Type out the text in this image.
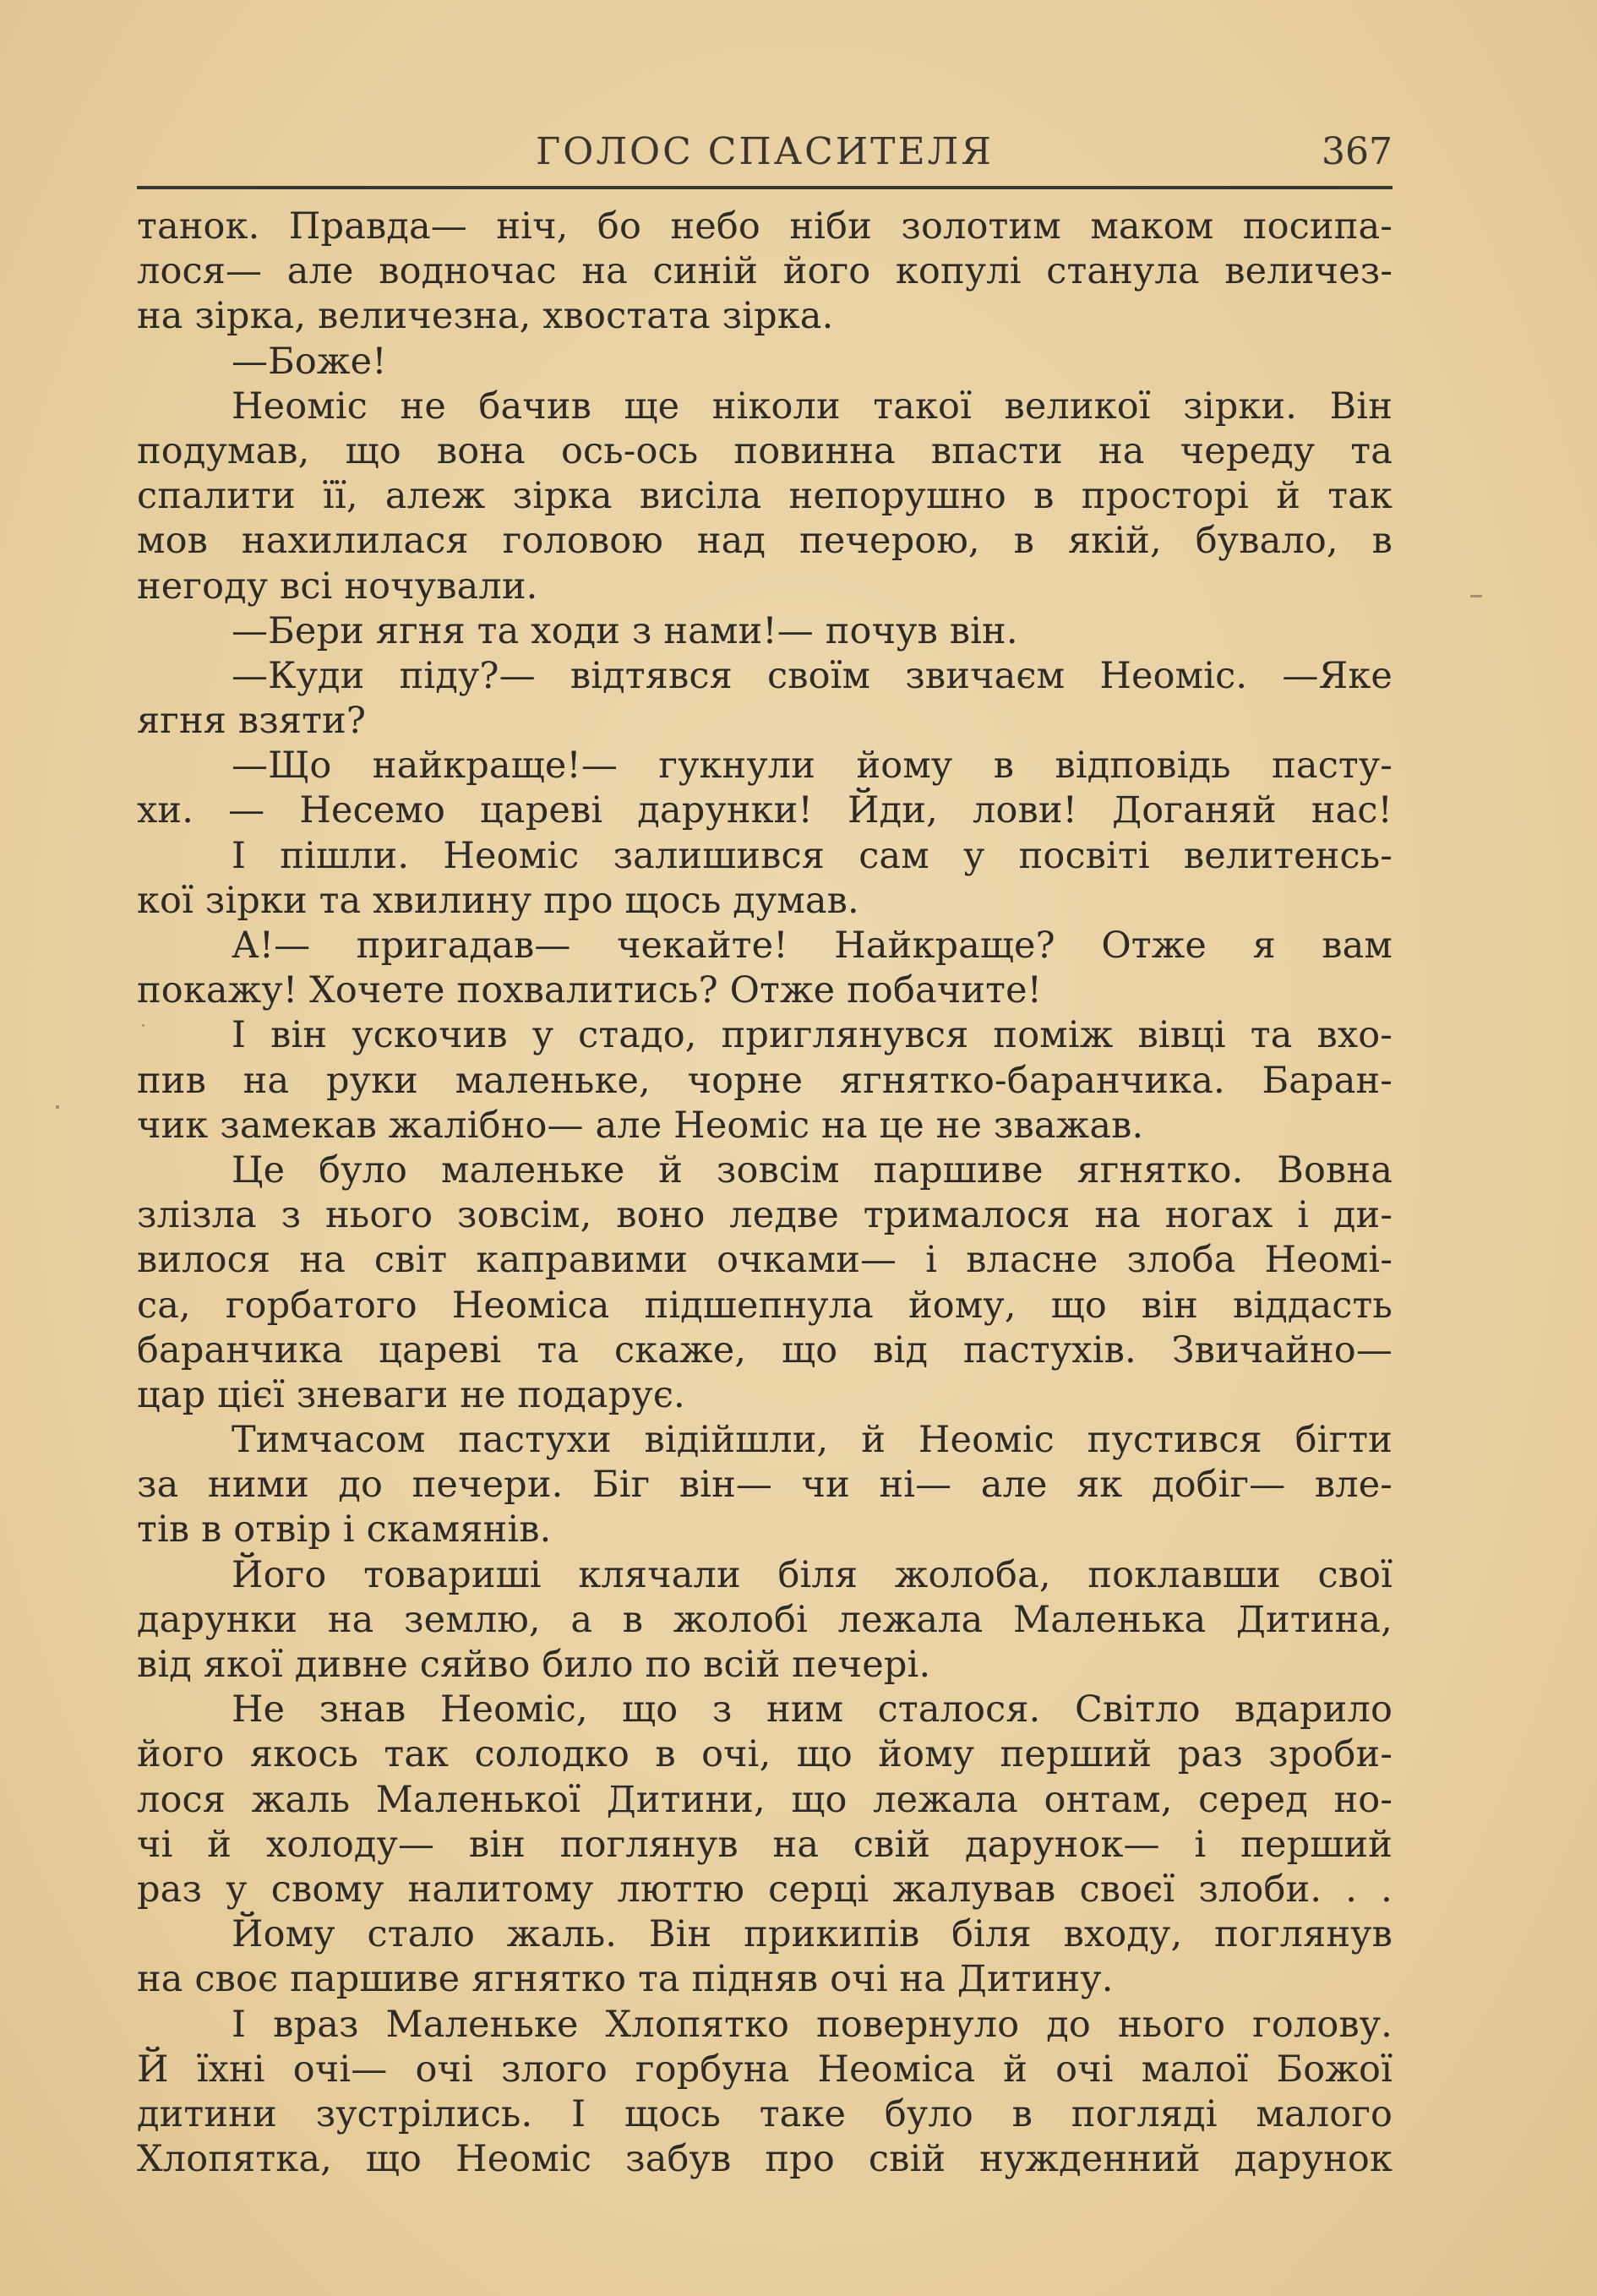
ГОЛОС СПАСИТЕЛЯ	367
танок. Правда— ніч, бо небо ніби золотим маком посипа-
лося— але водночас на синій його копулі станула величез-
на зірка, величезна, хвостата зірка.
—Боже!
Неоміс не бачив ще ніколи такої великої зірки. Він
подумав, що вона ось-ось повинна впасти на череду та
спалити її, алеж зірка висіла непорушно в просторі й так
мов нахилилася головою над печерою, в якій, бувало, в
негоду всі ночували.
—Бери ягня та ходи з нами!— почув він.
—Куди піду?— відтявся своїм звичаєм Неоміс. —Яке
ягня взяти?
—Що найкраще!— гукнули йому в відповідь пасту-
хи. — Несемо цареві дарунки! Йди, лови! Доганяй нас!
І пішли. Неоміс залишився сам у посвіті велитенсь-
кої зірки та хвилину про щось думав.
А!— пригадав— чекайте! Найкраще? Отже я вам
покажу! Хочете похвалитись? Отже побачите!
І він ускочив у стадо, приглянувся поміж вівці та вхо-
пив на руки маленьке, чорне ягнятко-баранчика. Баран-
чик замекав жалібно— але Неоміс на це не зважав.
Це було маленьке й зовсім паршиве ягнятко. Вовна
злізла з нього зовсім, воно ледве трималося на ногах і ди-
вилося на світ каправими очками— і власне злоба Неомі-
са, горбатого Неоміса підшепнула йому, що він віддасть
баранчика цареві та скаже, що від пастухів. Звичайно—
цар цієї зневаги не подарує.
Тимчасом пастухи відійшли, й Неоміс пустився бігти
за ними до печери. Біг він— чи ні— але як добіг— вле-
тів в отвір і скамянів.
Його товариші клячали біля жолоба, поклавши свої
дарунки на землю, а в жолобі лежала Маленька Дитина,
від якої дивне сяйво било по всій печері.
Не знав Неоміс, що з ним сталося. Світло вдарило
його якось так солодко в очі, що йому перший раз зроби-
лося жаль Маленької Дитини, що лежала онтам, серед но-
чі й холоду— він поглянув на свій дарунок— і перший
раз у свому налитому люттю серці жалував своєї злоби. . .
Йому стало жаль. Він прикипів біля входу, поглянув
на своє паршиве ягнятко та підняв очі на Дитину.
І враз Маленьке Хлопятко повернуло до нього голову.
Й їхні очі— очі злого горбуна Неоміса й очі малої Божої
дитини зустрілись. І щось таке було в погляді малого
Хлопятка, що Неоміс забув про свій нужденний дарунок
